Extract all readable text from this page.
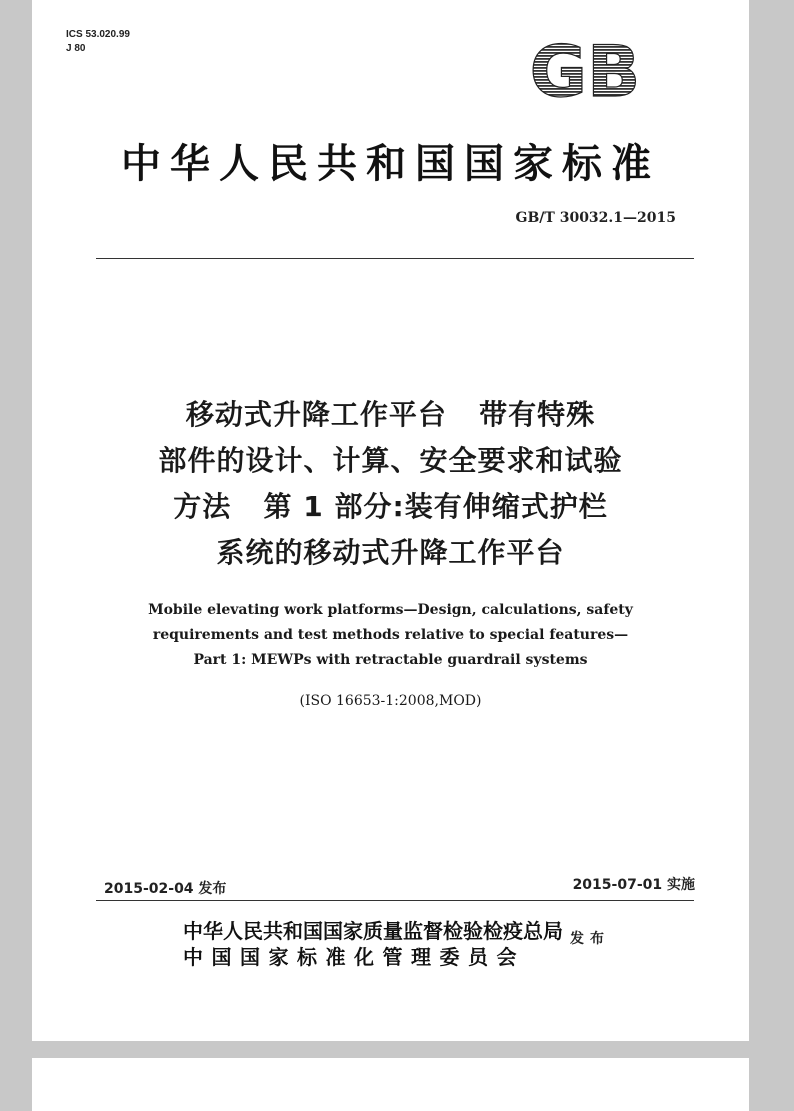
ICS 53.020.99
J 80	GB
中华人民共和国国家标准
GB/T 30032.1—2015
移动式升降工作平台   带有特殊
部件的设计、计算、安全要求和试验
方法   第 1 部分:装有伸缩式护栏
系统的移动式升降工作平台
Mobile elevating work platforms—Design, calculations, safety
requirements and test methods relative to special features—
Part 1: MEWPs with retractable guardrail systems
(ISO 16653-1:2008,MOD)
2015-02-04 发布	2015-07-01 实施
中华人民共和国国家质量监督检验检疫总局
中国国家标准化管理委员会
发布
